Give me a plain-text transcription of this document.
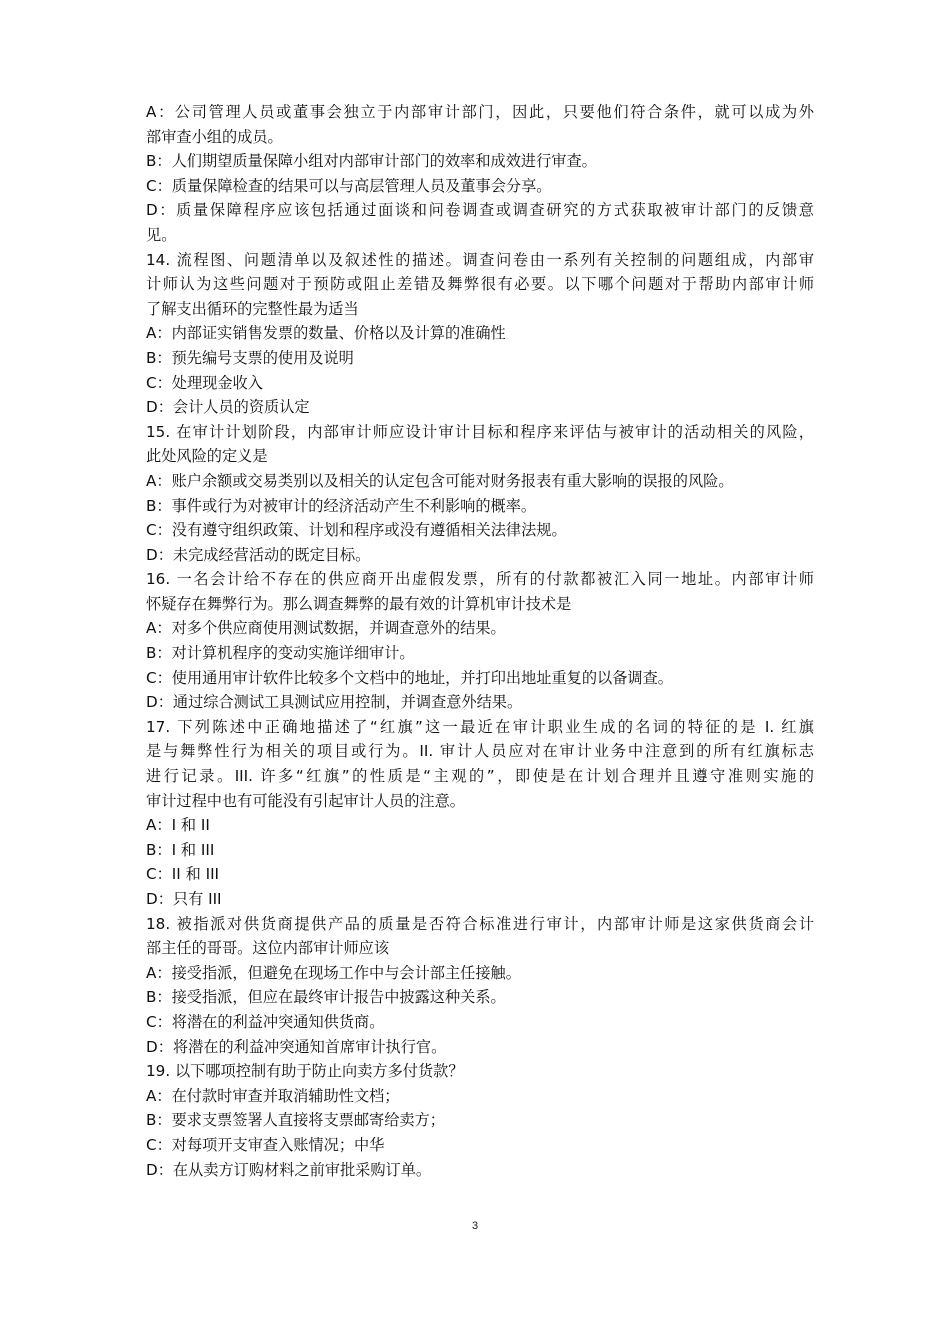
A：公司管理人员或董事会独立于内部审计部门，因此，只要他们符合条件，就可以成为外
部审查小组的成员。
B：人们期望质量保障小组对内部审计部门的效率和成效进行审查。
C：质量保障检查的结果可以与高层管理人员及董事会分享。
D：质量保障程序应该包括通过面谈和问卷调查或调查研究的方式获取被审计部门的反馈意
见。
14. 流程图、问题清单以及叙述性的描述。调查问卷由一系列有关控制的问题组成，内部审
计师认为这些问题对于预防或阻止差错及舞弊很有必要。以下哪个问题对于帮助内部审计师
了解支出循环的完整性最为适当
A：内部证实销售发票的数量、价格以及计算的准确性
B：预先编号支票的使用及说明
C：处理现金收入
D：会计人员的资质认定
15. 在审计计划阶段，内部审计师应设计审计目标和程序来评估与被审计的活动相关的风险，
此处风险的定义是
A：账户余额或交易类别以及相关的认定包含可能对财务报表有重大影响的误报的风险。
B：事件或行为对被审计的经济活动产生不利影响的概率。
C：没有遵守组织政策、计划和程序或没有遵循相关法律法规。
D：未完成经营活动的既定目标。
16. 一名会计给不存在的供应商开出虚假发票，所有的付款都被汇入同一地址。内部审计师
怀疑存在舞弊行为。那么调查舞弊的最有效的计算机审计技术是
A：对多个供应商使用测试数据，并调查意外的结果。
B：对计算机程序的变动实施详细审计。
C：使用通用审计软件比较多个文档中的地址，并打印出地址重复的以备调查。
D：通过综合测试工具测试应用控制，并调查意外结果。
17. 下列陈述中正确地描述了“红旗”这一最近在审计职业生成的名词的特征的是 I. 红旗
是与舞弊性行为相关的项目或行为。II. 审计人员应对在审计业务中注意到的所有红旗标志
进行记录。III. 许多“红旗”的性质是“主观的”，即使是在计划合理并且遵守准则实施的
审计过程中也有可能没有引起审计人员的注意。
A：I 和 II
B：I 和 III
C：II 和 III
D：只有 III
18. 被指派对供货商提供产品的质量是否符合标准进行审计，内部审计师是这家供货商会计
部主任的哥哥。这位内部审计师应该
A：接受指派，但避免在现场工作中与会计部主任接触。
B：接受指派，但应在最终审计报告中披露这种关系。
C：将潜在的利益冲突通知供货商。
D：将潜在的利益冲突通知首席审计执行官。
19. 以下哪项控制有助于防止向卖方多付货款？
A：在付款时审查并取消辅助性文档；
B：要求支票签署人直接将支票邮寄给卖方；
C：对每项开支审查入账情况；中华
D：在从卖方订购材料之前审批采购订单。
3
